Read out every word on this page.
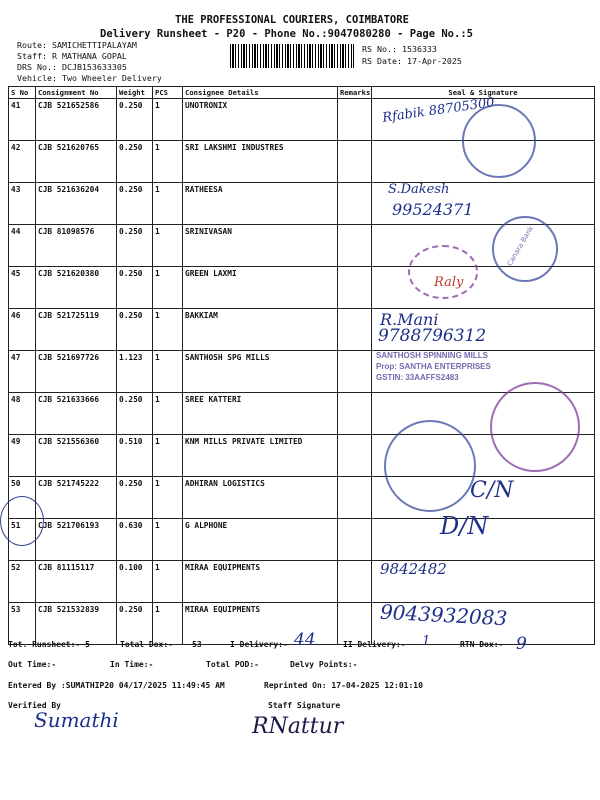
THE PROFESSIONAL COURIERS, COIMBATORE
Delivery Runsheet - P20 - Phone No.:9047080280 - Page No.:5
Route: SAMICHETTIPALAYAM
Staff: R MATHANA GOPAL
DRS No.: DCJB153633305
Vehicle: Two Wheeler Delivery
RS No.: 1536333
RS Date: 17-Apr-2025
S No	Consignment No	Weight	PCS	Consignee Details	Remarks	Seal & Signature
41	CJB 521652586	0.250	1	UNOTRONIX		
42	CJB 521620765	0.250	1	SRI LAKSHMI INDUSTRES		
43	CJB 521636204	0.250	1	RATHEESA		
44	CJB 81098576	0.250	1	SRINIVASAN		
45	CJB 521620380	0.250	1	GREEN LAXMI		
46	CJB 521725119	0.250	1	BAKKIAM		
47	CJB 521697726	1.123	1	SANTHOSH SPG MILLS		
48	CJB 521633666	0.250	1	SREE KATTERI		
49	CJB 521556360	0.510	1	KNM MILLS PRIVATE LIMITED		
50	CJB 521745222	0.250	1	ADHIRAN LOGISTICS		
51	CJB 521706193	0.630	1	G ALPHONE		
52	CJB 81115117	0.100	1	MIRAA EQUIPMENTS		
53	CJB 521532839	0.250	1	MIRAA EQUIPMENTS		
Rfabik 88705300
S.Dakesh
99524371
Raly
R.Mani
9788796312
C/N
D/N
9842482
9043932083
Canara Bank
SANTHOSH SPINNING MILLS
Prop: SANTHA ENTERPRISES
GSTIN: 33AAFFS2483
Tot. Runsheet:- 5	Total Dox:- 53	I Delivery:- 44	II Delivery:- 1	RTN Dox:- 9
Out Time:-	In Time:-	Total POD:-	Delvy Points:-
Entered By :SUMATHIP20 04/17/2025 11:49:45 AM	Reprinted On: 17-04-2025 12:01:10
Verified By	Staff Signature
Sumathi	RNattur
